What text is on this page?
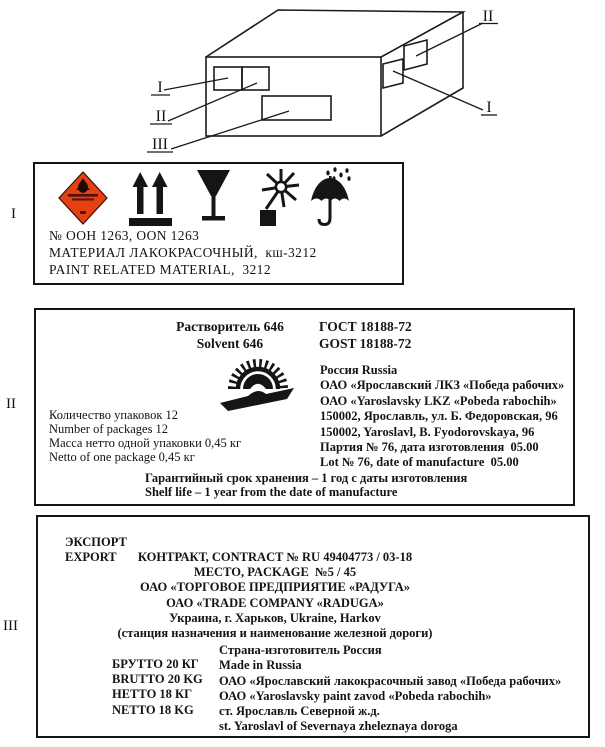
I
II
III
II
I
I
II
III
№ ООН 1263, OON 1263
МАТЕРИАЛ ЛАКОКРАСОЧНЫЙ,  кш-3212
PAINT RELATED MATERIAL,  3212
Растворитель 646
Solvent 646
ГОСТ 18188-72
GOST 18188-72
Россия Russia
ОАО «Ярославский ЛКЗ «Победа рабочих»
ОАО «Yaroslavsky LKZ «Pobeda rabochih»
150002, Ярославль, ул. Б. Федоровская, 96
150002, Yaroslavl, B. Fyodorovskaya, 96
Партия № 76, дата изготовления  05.00
Lot № 76, date of manufacture  05.00
Количество упаковок 12
Number of packages 12
Масса нетто одной упаковки 0,45 кг
Netto of one package 0,45 кг
Гарантийный срок хранения – 1 год с даты изготовления
Shelf life – 1 year from the date of manufacture
ЭКСПОРТ
EXPORT	КОНТРАКТ, CONTRACT № RU 49404773 / 03-18
МЕСТО, PACKAGE  №5 / 45
ОАО «ТОРГОВОЕ ПРЕДПРИЯТИЕ «РАДУГА»
ОАО «TRADE COMPANY «RADUGA»
Украина, г. Харьков, Ukraine, Harkov
(станция назначения и наименование железной дороги)
БРУТТО 20 КГ
BRUTTO 20 KG
НЕТТО 18 КГ
NETTO 18 KG
Страна-изготовитель Россия
Made in Russia
ОАО «Ярославский лакокрасочный завод «Победа рабочих»
ОАО «Yaroslavsky paint zavod «Pobeda rabochih»
ст. Ярославль Северной ж.д.
st. Yaroslavl of Severnaya zheleznaya doroga
